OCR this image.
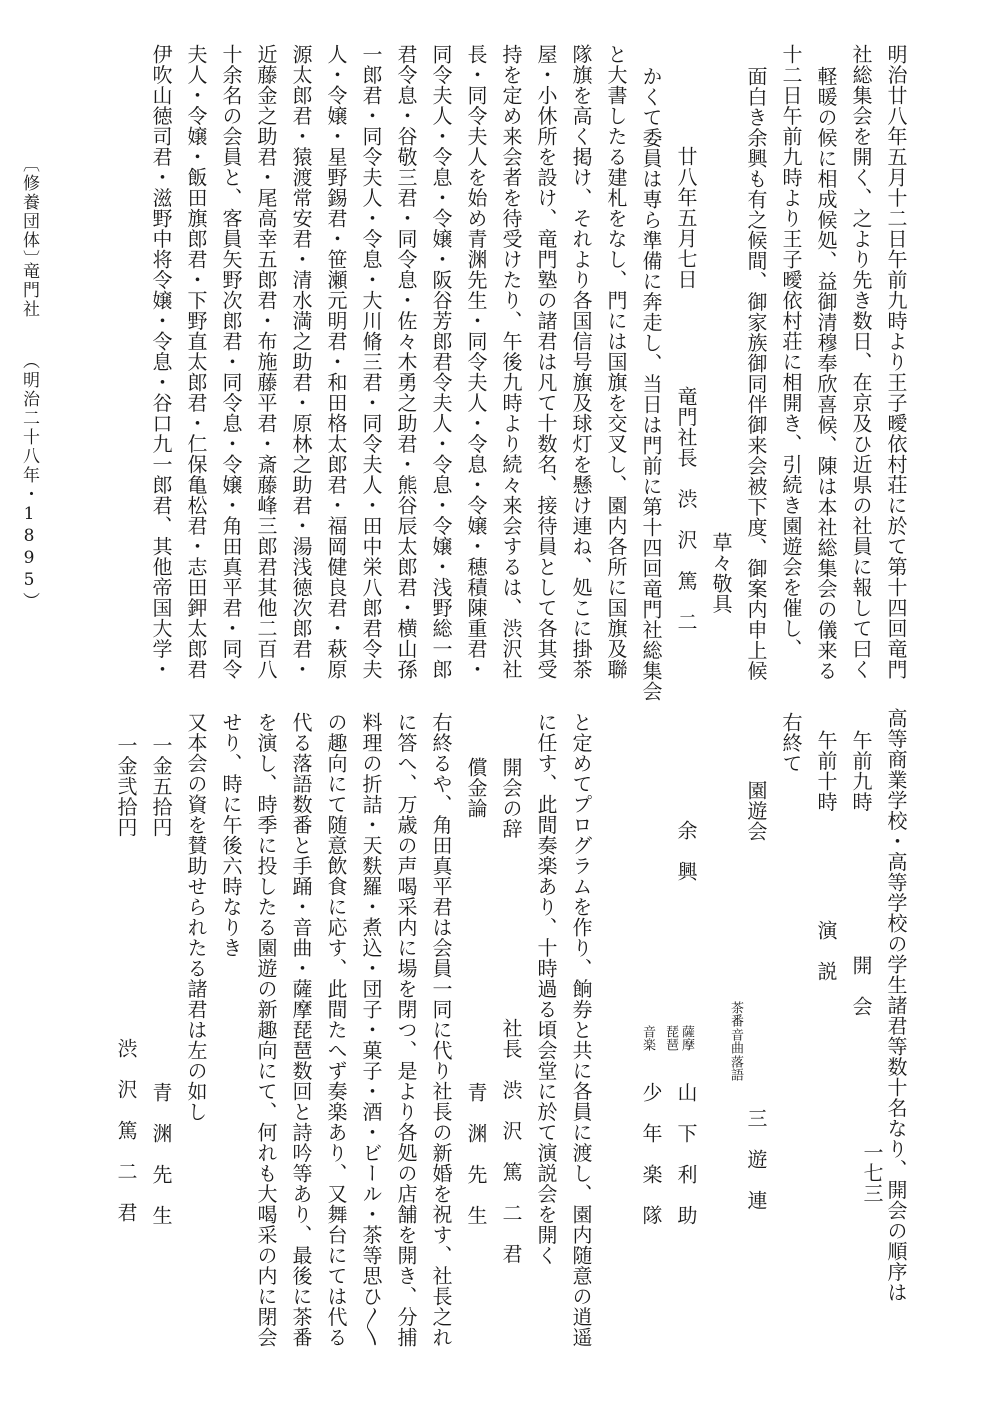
〔修養団体〕
竜門社
（明治二十八年・1895）
一七三
明治廿八年五月十二日午前九時より王子曖依村荘に於て第十四回竜門
社総集会を開く、之より先き数日、在京及ひ近県の社員に報して曰く
軽暖の候に相成候処、益御清穆奉欣喜候、陳は本社総集会の儀来る
十二日午前九時より王子曖依村荘に相開き、引続き園遊会を催し、
面白き余興も有之候間、御家族御同伴御来会被下度、御案内申上候
草々敬具
廿八年五月七日
竜門社長　渋　沢　篤　二
かくて委員は専ら準備に奔走し、当日は門前に第十四回竜門社総集会
と大書したる建札をなし、門には国旗を交叉し、園内各所に国旗及聯
隊旗を高く掲け、それより各国信号旗及球灯を懸け連ね、処こに掛茶
屋・小休所を設け、竜門塾の諸君は凡て十数名、接待員として各其受
持を定め来会者を待受けたり、午後九時より続々来会するは、渋沢社
長・同令夫人を始め青渊先生・同令夫人・令息・令嬢・穂積陳重君・
同令夫人・令息・令嬢・阪谷芳郎君令夫人・令息・令嬢・浅野総一郎
君令息・谷敬三君・同令息・佐々木勇之助君・熊谷辰太郎君・横山孫
一郎君・同令夫人・令息・大川脩三君・同令夫人・田中栄八郎君令夫
人・令嬢・星野錫君・笹瀬元明君・和田格太郎君・福岡健良君・萩原
源太郎君・猿渡常安君・清水満之助君・原林之助君・湯浅徳次郎君・
近藤金之助君・尾高幸五郎君・布施藤平君・斎藤峰三郎君其他二百八
十余名の会員と、客員矢野次郎君・同令息・令嬢・角田真平君・同令
夫人・令嬢・飯田旗郎君・下野直太郎君・仁保亀松君・志田鉀太郎君
伊吹山徳司君・滋野中将令嬢・令息・谷口九一郎君、其他帝国大学・
高等商業学校・高等学校の学生諸君等数十名なり、開会の順序は
午前九時
開　会
午前十時
演　説
右終て
園遊会
三　遊　連
落語
音曲
茶番
余　興
山　下　利　助
薩摩
琵琶
少　年　楽　隊
音楽
と定めてプログラムを作り、餉券と共に各員に渡し、園内随意の逍遥
に任す、此間奏楽あり、十時過る頃会堂に於て演説会を開く
開会の辞
社長　渋　沢　篤　二　君
償金論
青　渊　先　生
右終るや、角田真平君は会員一同に代り社長の新婚を祝す、社長之れ
に答へ、万歳の声喝采内に場を閉つ、是より各処の店舗を開き、分捕
料理の折詰・天麩羅・煮込・団子・菓子・酒・ビール・茶等思ひ〳〵
の趣向にて随意飲食に応す、此間たへず奏楽あり、又舞台にては代る
代る落語数番と手踊・音曲・薩摩琵琶数回と詩吟等あり、最後に茶番
を演し、時季に投したる園遊の新趣向にて、何れも大喝采の内に閉会
せり、時に午後六時なりき
又本会の資を賛助せられたる諸君は左の如し
一金五拾円
青　渊　先　生
一金弐拾円
渋　沢　篤　二　君
